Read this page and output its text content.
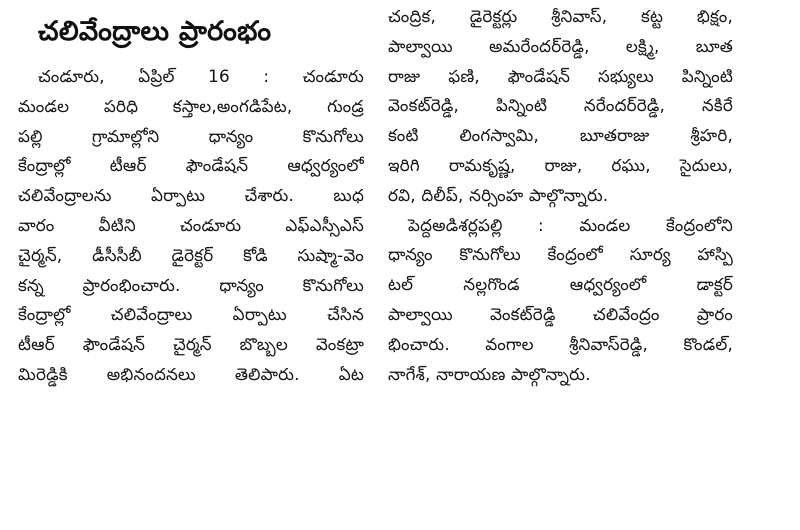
చలివేంద్రాలు ప్రారంభం
చండూరు, ఏప్రిల్ 16 : చండూరు
మండల పరిధి కస్తాల,అంగడిపేట, గుండ్ర
పల్లి గ్రామాల్లోని ధాన్యం కొనుగోలు
కేంద్రాల్లో టీఆర్ ఫౌండేషన్ ఆధ్వర్యంలో
చలివేంద్రాలను ఏర్పాటు చేశారు. బుధ
వారం వీటిని చండూరు ఎఫ్ఎస్సీఎస్
చైర్మన్, డీసీసీబీ డైరెక్టర్ కోడి సుష్మా-వెం
కన్న ప్రారంభించారు. ధాన్యం కొనుగోలు
కేంద్రాల్లో చలివేంద్రాలు ఏర్పాటు చేసిన
టీఆర్ ఫౌండేషన్ చైర్మన్ బొబ్బల వెంకట్రా
మిరెడ్డికి అభినందనలు తెలిపారు. ఏట
చంద్రిక, డైరెక్టర్లు శ్రీనివాస్, కట్ట భిక్షం,
పాల్వాయి అమరేందర్‌రెడ్డి, లక్ష్మి, బూత
రాజు ఫణి, ఫౌండేషన్ సభ్యులు పిన్నింటి
వెంకట్‌రెడ్డి, పిన్నింటి నరేందర్‌రెడ్డి, నకిరే
కంటి లింగస్వామి, బూతరాజు శ్రీహరి,
ఇరిగి రామకృష్ణ, రాజు, రఘు, సైదులు,
రవి, దిలీప్, నర్సింహ పాల్గొన్నారు.
పెద్దఅడిశర్లపల్లి : మండల కేంద్రంలోని
ధాన్యం కొనుగోలు కేంద్రంలో సూర్య హాస్పి
టల్ నల్లగొండ ఆధ్వర్యంలో డాక్టర్
పాల్వాయి వెంకట్‌రెడ్డి చలివేంద్రం ప్రారం
భించారు. వంగాల శ్రీనివాస్‌రెడ్డి, కొండల్,
నాగేశ్, నారాయణ పాల్గొన్నారు.
